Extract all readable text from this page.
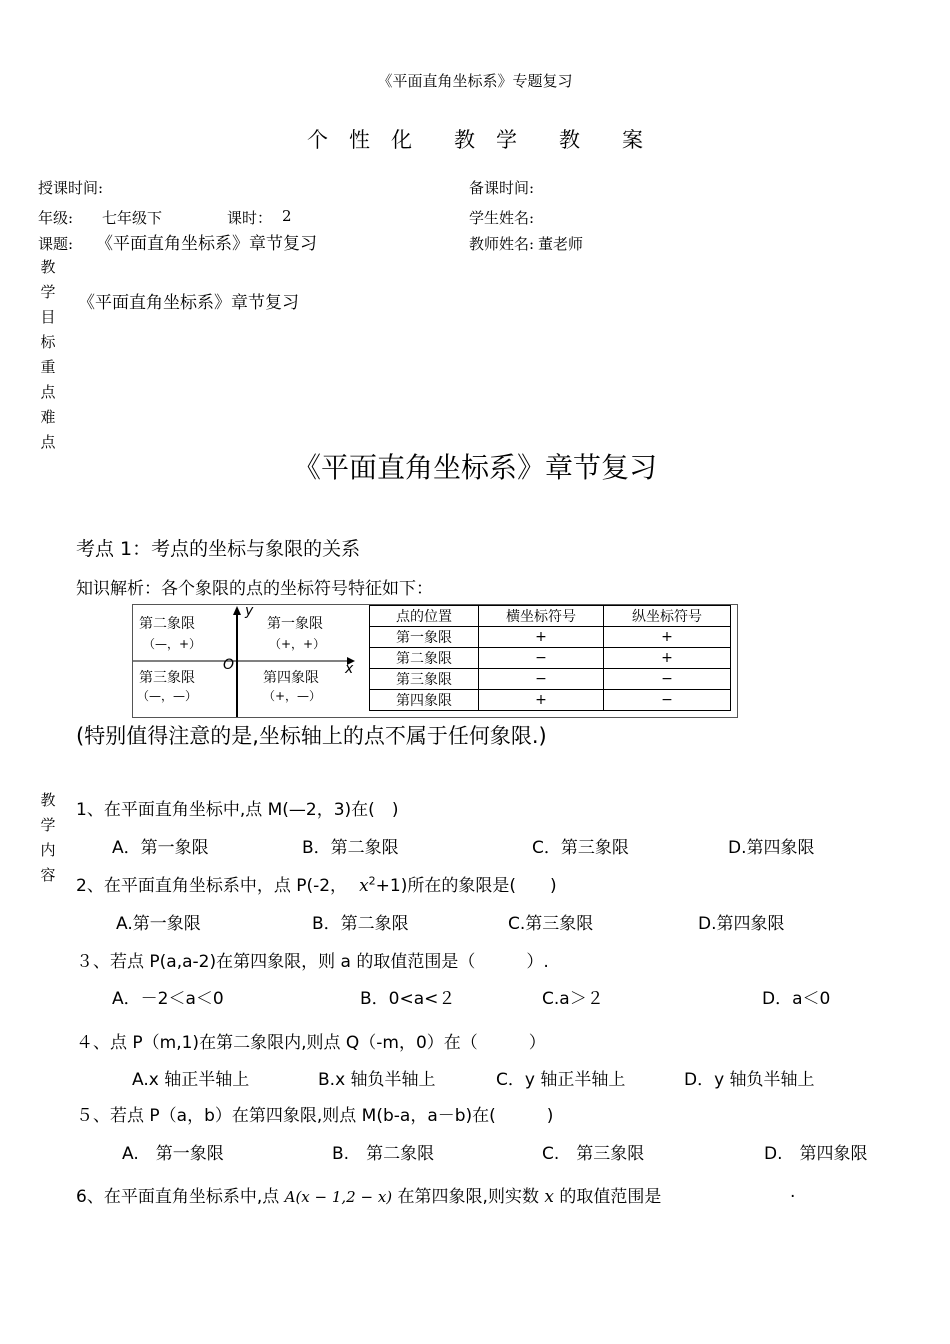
《平面直角坐标系》专题复习
个　性　化　　教　学　　教　　案
授课时间:	备课时间:
年级: 七年级下	课时： 2	学生姓名:
课题: 《平面直角坐标系》章节复习	教师姓名: 董老师
教
学
目
标
重
点
难
点
《平面直角坐标系》章节复习
《平面直角坐标系》章节复习
考点 1：考点的坐标与象限的关系
知识解析：各个象限的点的坐标符号特征如下：
y
x
O
第二象限
（—，+）
第一象限
（+，+）
第三象限
（—，—）
第四象限
（+，—）
点的位置	横坐标符号	纵坐标符号
第一象限	+	+
第二象限	−	+
第三象限	−	−
第四象限	+	−
(特别值得注意的是,坐标轴上的点不属于任何象限.)
教
学
内
容
1、在平面直角坐标中,点 M(—2，3)在(　)
A．第一象限	B．第二象限	C．第三象限	D.第四象限
2、在平面直角坐标系中，点 P(-2， $x^2+1$)所在的象限是(　　)
A.第一象限	B．第二象限	C.第三象限	D.第四象限
３、若点 P(a,a-2)在第四象限，则 a 的取值范围是（　　　）.
A．－2＜a＜0	B．0<a<２	C.a＞２	D．a＜0
４、点 P（m,1)在第二象限内,则点 Q（-m，0）在（　　　）
A.x 轴正半轴上	B.x 轴负半轴上	C．y 轴正半轴上	D．y 轴负半轴上
５、若点 P（a，b）在第四象限,则点 M(b-a，a－b)在(　　　)
A.　第一象限	B.　第二象限	C.　第三象限	D.　第四象限
6、在平面直角坐标系中,点 A(x − 1,2 − x) 在第四象限,则实数 x 的取值范围是	.
